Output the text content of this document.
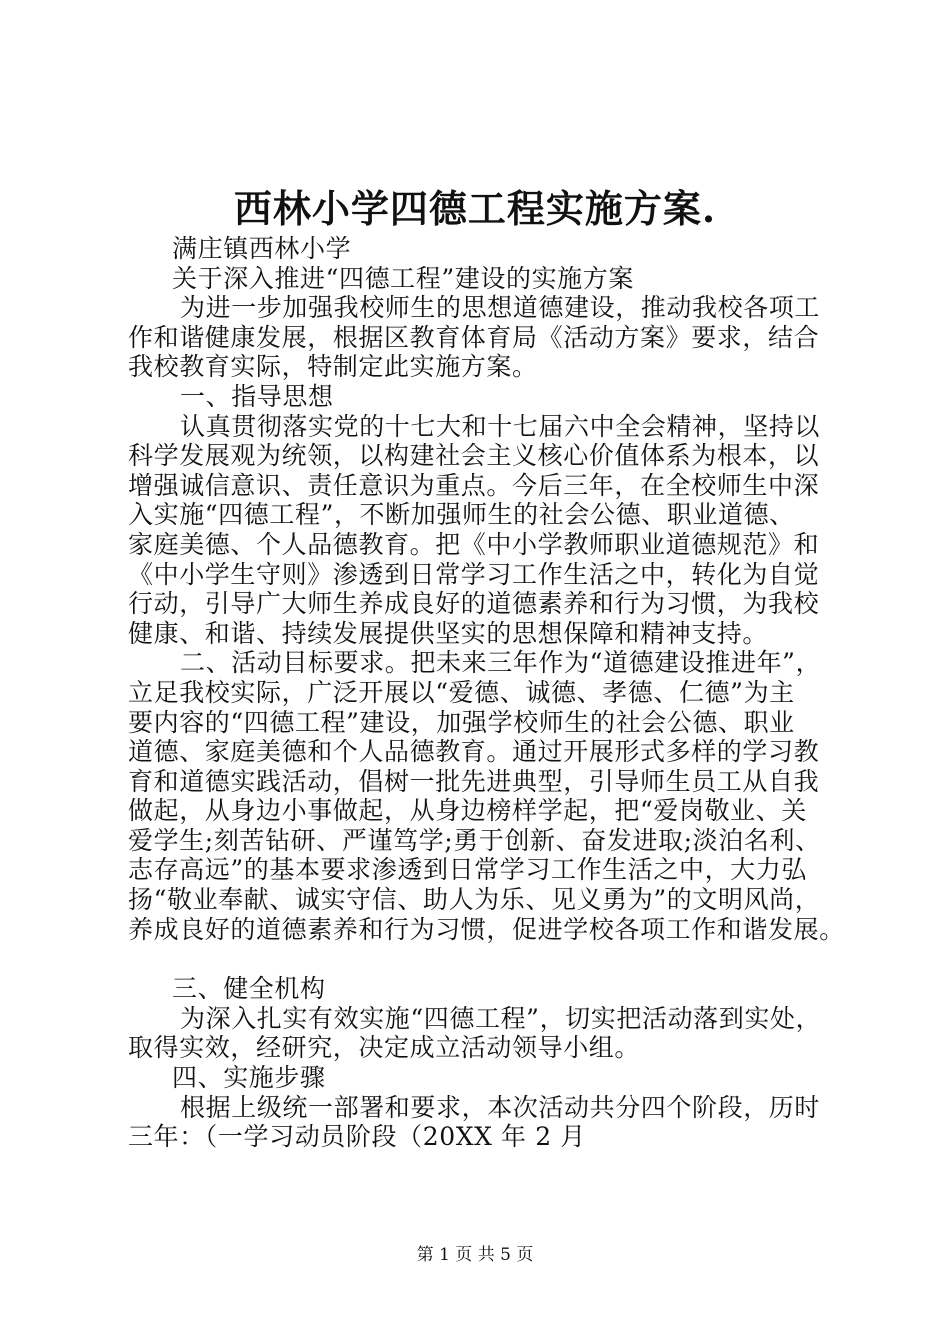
西林小学四德工程实施方案.
满庄镇西林小学
关于深入推进“四德工程”建设的实施方案
为进一步加强我校师生的思想道德建设，推动我校各项工
作和谐健康发展，根据区教育体育局《活动方案》要求，结合
我校教育实际，特制定此实施方案。
一、指导思想
认真贯彻落实党的十七大和十七届六中全会精神，坚持以
科学发展观为统领，以构建社会主义核心价值体系为根本，以
增强诚信意识、责任意识为重点。今后三年，在全校师生中深
入实施“四德工程”，不断加强师生的社会公德、职业道德、
家庭美德、个人品德教育。把《中小学教师职业道德规范》和
《中小学生守则》渗透到日常学习工作生活之中，转化为自觉
行动，引导广大师生养成良好的道德素养和行为习惯，为我校
健康、和谐、持续发展提供坚实的思想保障和精神支持。
二、活动目标要求。把未来三年作为“道德建设推进年”，
立足我校实际，广泛开展以“爱德、诚德、孝德、仁德”为主
要内容的“四德工程”建设，加强学校师生的社会公德、职业
道德、家庭美德和个人品德教育。通过开展形式多样的学习教
育和道德实践活动，倡树一批先进典型，引导师生员工从自我
做起，从身边小事做起，从身边榜样学起，把“爱岗敬业、关
爱学生;刻苦钻研、严谨笃学;勇于创新、奋发进取;淡泊名利、
志存高远”的基本要求渗透到日常学习工作生活之中，大力弘
扬“敬业奉献、诚实守信、助人为乐、见义勇为”的文明风尚，
养成良好的道德素养和行为习惯，促进学校各项工作和谐发展。
三、健全机构
为深入扎实有效实施“四德工程”，切实把活动落到实处，
取得实效，经研究，决定成立活动领导小组。
四、实施步骤
根据上级统一部署和要求，本次活动共分四个阶段，历时
三年：（一学习动员阶段（20XX 年 2 月
第 1 页 共 5 页
